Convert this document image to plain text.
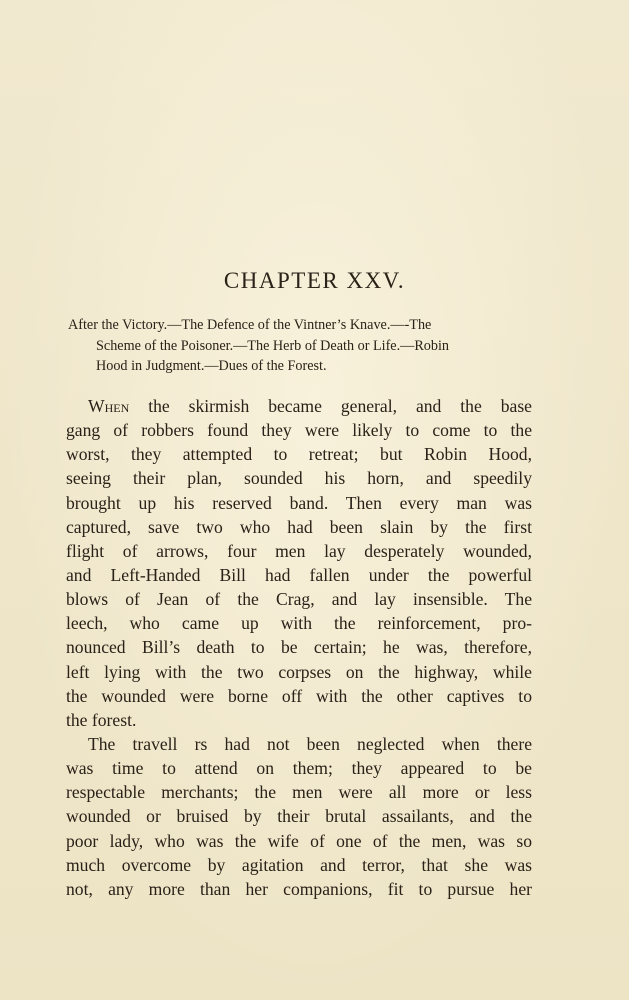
CHAPTER XXV.
After the Victory.—The Defence of the Vintner’s Knave.—-The
Scheme of the Poisoner.—The Herb of Death or Life.—Robin
Hood in Judgment.—Dues of the Forest.
When the skirmish became general, and the base
gang of robbers found they were likely to come to the
worst, they attempted to retreat; but Robin Hood,
seeing their plan, sounded his horn, and speedily
brought up his reserved band. Then every man was
captured, save two who had been slain by the first
flight of arrows, four men lay desperately wounded,
and Left-Handed Bill had fallen under the powerful
blows of Jean of the Crag, and lay insensible. The
leech, who came up with the reinforcement, pro-
nounced Bill’s death to be certain; he was, therefore,
left lying with the two corpses on the highway, while
the wounded were borne off with the other captives to
the forest.
The travell rs had not been neglected when there
was time to attend on them; they appeared to be
respectable merchants; the men were all more or less
wounded or bruised by their brutal assailants, and the
poor lady, who was the wife of one of the men, was so
much overcome by agitation and terror, that she was
not, any more than her companions, fit to pursue her
